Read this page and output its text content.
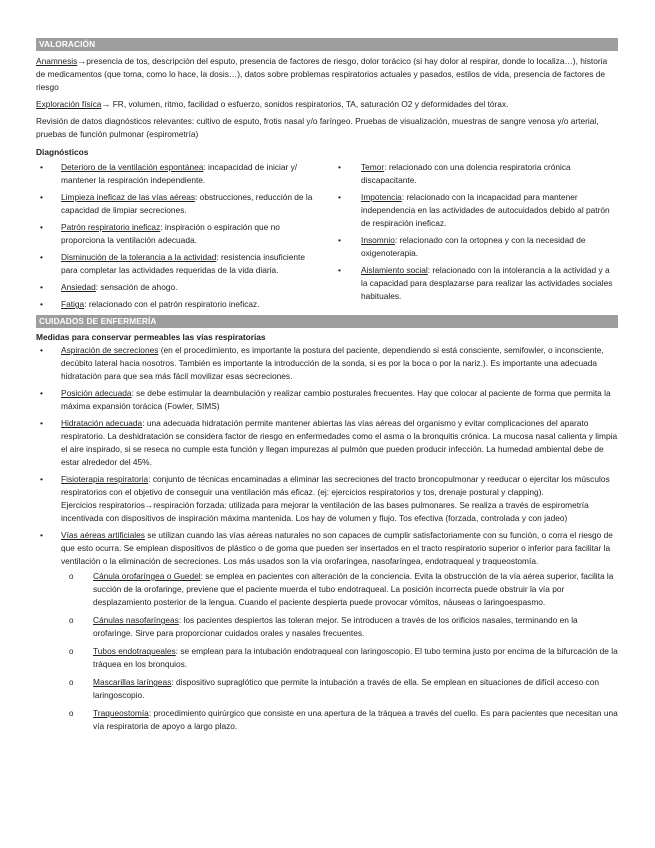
VALORACIÓN

Anamnesis→presencia de tos, descripción del esputo, presencia de factores de riesgo, dolor torácico (si hay dolor al respirar, donde lo localiza…), historia de medicamentos (que toma, como lo hace, la dosis…), datos sobre problemas respiratorios actuales y pasados, estilos de vida, presencia de factores de riesgo

Exploración física→ FR, volumen, ritmo, facilidad o esfuerzo, sonidos respiratorios, TA, saturación O2 y deformidades del tórax.

Revisión de datos diagnósticos relevantes: cultivo de esputo, frotis nasal y/o faríngeo. Pruebas de visualización, muestras de sangre venosa y/o arterial, pruebas de función pulmonar (espirometría)

Diagnósticos
• Deterioro de la ventilación espontánea: incapacidad de iniciar y/ mantener la respiración independiente.
• Limpieza ineficaz de las vías aéreas: obstrucciones, reducción de la capacidad de limpiar secreciones.
• Patrón respiratorio ineficaz: inspiración o espiración que no proporciona la ventilación adecuada.
• Disminución de la tolerancia a la actividad: resistencia insuficiente para completar las actividades requeridas de la vida diaria.
• Ansiedad: sensación de ahogo.
• Fatiga: relacionado con el patrón respiratorio ineficaz.
• Temor: relacionado con una dolencia respiratoria crónica discapacitante.
• Impotencia: relacionado con la incapacidad para mantener independencia en las actividades de autocuidados debido al patrón de respiración ineficaz.
• Insomnio: relacionado con la ortopnea y con la necesidad de oxigenoterapia.
• Aislamiento social: relacionado con la intolerancia a la actividad y a la capacidad para desplazarse para realizar las actividades sociales habituales.
CUIDADOS DE ENFERMERÍA
Medidas para conservar permeables las vías respiratorias
• Aspiración de secreciones (en el procedimiento, es importante la postura del paciente, dependiendo si está consciente, semifowler, o inconsciente, decúbito lateral hacia nosotros. También es importante la introducción de la sonda, si es por la boca o por la nariz.). Es importante una adecuada hidratación para que sea más fácil movilizar esas secreciones.
• Posición adecuada: se debe estimular la deambulación y realizar cambio posturales frecuentes. Hay que colocar al paciente de forma que permita la máxima expansión torácica (Fowler, SIMS)
• Hidratación adecuada: una adecuada hidratación permite mantener abiertas las vías aéreas del organismo y evitar complicaciones del aparato respiratorio. La deshidratación se considera factor de riesgo en enfermedades como el asma o la bronquitis crónica. La mucosa nasal calienta y limpia el aire inspirado, si se reseca no cumple esta función y llegan impurezas al pulmón que pueden producir infección. La humedad ambiental debe de estar alrededor del 45%.
• Fisioterapia respiratoria: conjunto de técnicas encaminadas a eliminar las secreciones del tracto broncopulmonar y reeducar o ejercitar los músculos respiratorios con el objetivo de conseguir una ventilación más eficaz. (ej: ejercicios respiratorios y tos, drenaje postural y clapping).
Ejercicios respiratorios→respiración forzada: utilizada para mejorar la ventilación de las bases pulmonares. Se realiza a través de espirometría incentivada con dispositivos de inspiración máxima mantenida. Los hay de volumen y flujo. Tos efectiva (forzada, controlada y con jadeo)
• Vías aéreas artificiales se utilizan cuando las vías aéreas naturales no son capaces de cumplir satisfactoriamente con su función, o corra el riesgo de que esto ocurra. Se emplean dispositivos de plástico o de goma que pueden ser insertados en el tracto respiratorio superior o inferior para facilitar la ventilación o la eliminación de secreciones. Los más usados son la vía orofaríngea, nasofaríngea, endotraqueal y traqueostomía.
o Cánula orofaríngea o Guedel: se emplea en pacientes con alteración de la conciencia. Evita la obstrucción de la vía aérea superior, facilita la succión de la orofaringe, previene que el paciente muerda el tubo endotraqueal. La posición incorrecta puede obstruir la vía por desplazamiento posterior de la lengua. Cuando el paciente despierta puede provocar vómitos, náuseas o laringoespasmo.
o Cánulas nasofaríngeas: los pacientes despiertos las toleran mejor. Se introducen a través de los orificios nasales, terminando en la orofaringe. Sirve para proporcionar cuidados orales y nasales frecuentes.
o Tubos endotraqueales: se emplean para la intubación endotraqueal con laringoscopio. El tubo termina justo por encima de la bifurcación de la tráquea en los bronquios.
o Mascarillas laríngeas: dispositivo supraglótico que permite la intubación a través de ella. Se emplean en situaciones de difícil acceso con laringoscopio.
o Traqueostomía: procedimiento quirúrgico que consiste en una apertura de la tráquea a través del cuello. Es para pacientes que necesitan una vía respiratoria de apoyo a largo plazo.
